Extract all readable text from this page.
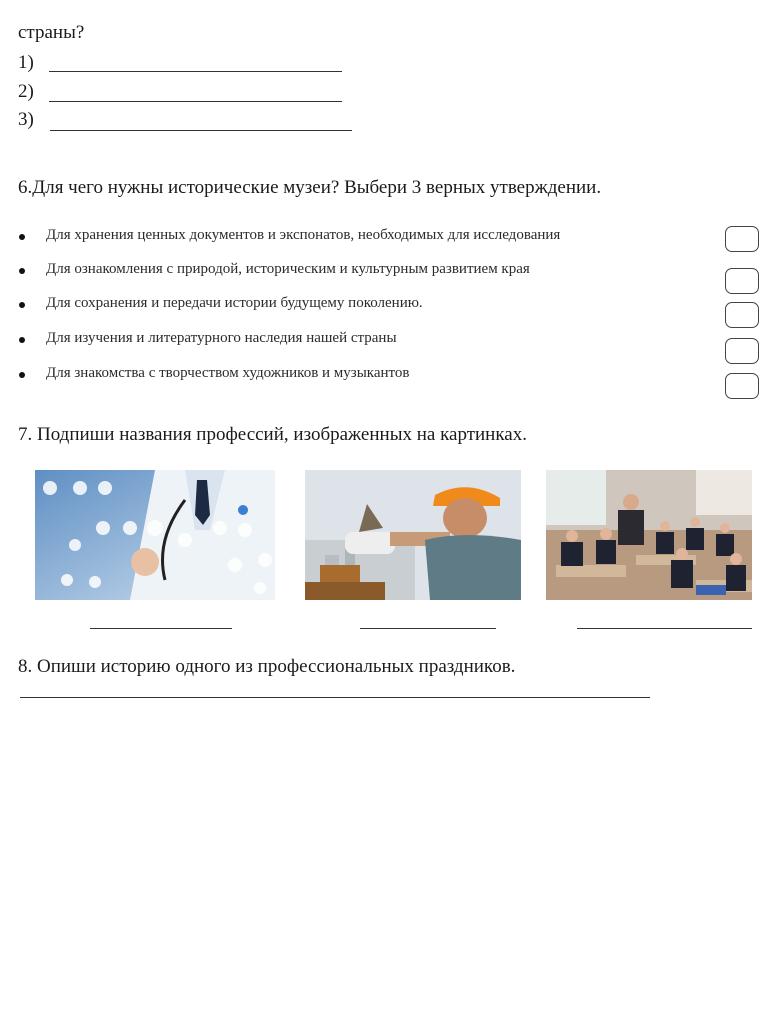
страны?
1)
2)
3)
6.Для чего нужны исторические музеи? Выбери 3 верных утверждении.
Для хранения ценных документов и экспонатов, необходимых для исследования
Для ознакомления с природой, историческим и культурным развитием края
Для сохранения и передачи истории будущему поколению.
Для изучения и литературного наследия нашей страны
Для знакомства с творчеством художников и музыкантов
7. Подпиши названия профессий, изображенных на картинках.
8. Опиши историю одного из профессиональных праздников.
